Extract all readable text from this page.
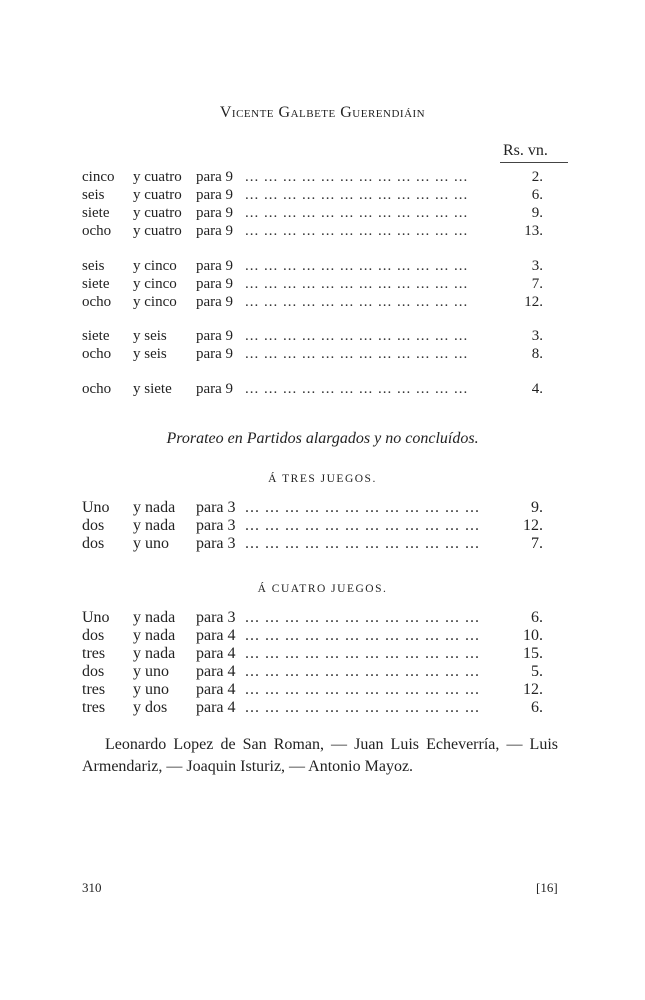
Vicente Galbete Guerendiáin
Rs. vn.
cinco y cuatro para 9 ... ... ... ... ... ... ... ... ... ... ... ...	2.
seis y cuatro para 9 ... ... ... ... ... ... ... ... ... ... ... ...	6.
siete y cuatro para 9 ... ... ... ... ... ... ... ... ... ... ... ...	9.
ocho y cuatro para 9 ... ... ... ... ... ... ... ... ... ... ... ...	13.
seis y cinco para 9 ... ... ... ... ... ... ... ... ... ... ... ...	3.
siete y cinco para 9 ... ... ... ... ... ... ... ... ... ... ... ...	7.
ocho y cinco para 9 ... ... ... ... ... ... ... ... ... ... ... ...	12.
siete y seis para 9 ... ... ... ... ... ... ... ... ... ... ... ...	3.
ocho y seis para 9 ... ... ... ... ... ... ... ... ... ... ... ...	8.
ocho y siete para 9 ... ... ... ... ... ... ... ... ... ... ... ...	4.
Prorateo en Partidos alargados y no concluídos.
Á TRES JUEGOS.
Uno y nada para 3 ... ... ... ... ... ... ... ... ... ... ... ...	9.
dos y nada para 3 ... ... ... ... ... ... ... ... ... ... ... ...	12.
dos y uno para 3 ... ... ... ... ... ... ... ... ... ... ... ...	7.
Á CUATRO JUEGOS.
Uno y nada para 3 ... ... ... ... ... ... ... ... ... ... ... ...	6.
dos y nada para 4 ... ... ... ... ... ... ... ... ... ... ... ...	10.
tres y nada para 4 ... ... ... ... ... ... ... ... ... ... ... ...	15.
dos y uno para 4 ... ... ... ... ... ... ... ... ... ... ... ...	5.
tres y uno para 4 ... ... ... ... ... ... ... ... ... ... ... ...	12.
tres y dos para 4 ... ... ... ... ... ... ... ... ... ... ... ...	6.
Leonardo Lopez de San Roman, — Juan Luis Echeverría, — Luis Armendariz, — Joaquin Isturiz, — Antonio Mayoz.
310	[16]
